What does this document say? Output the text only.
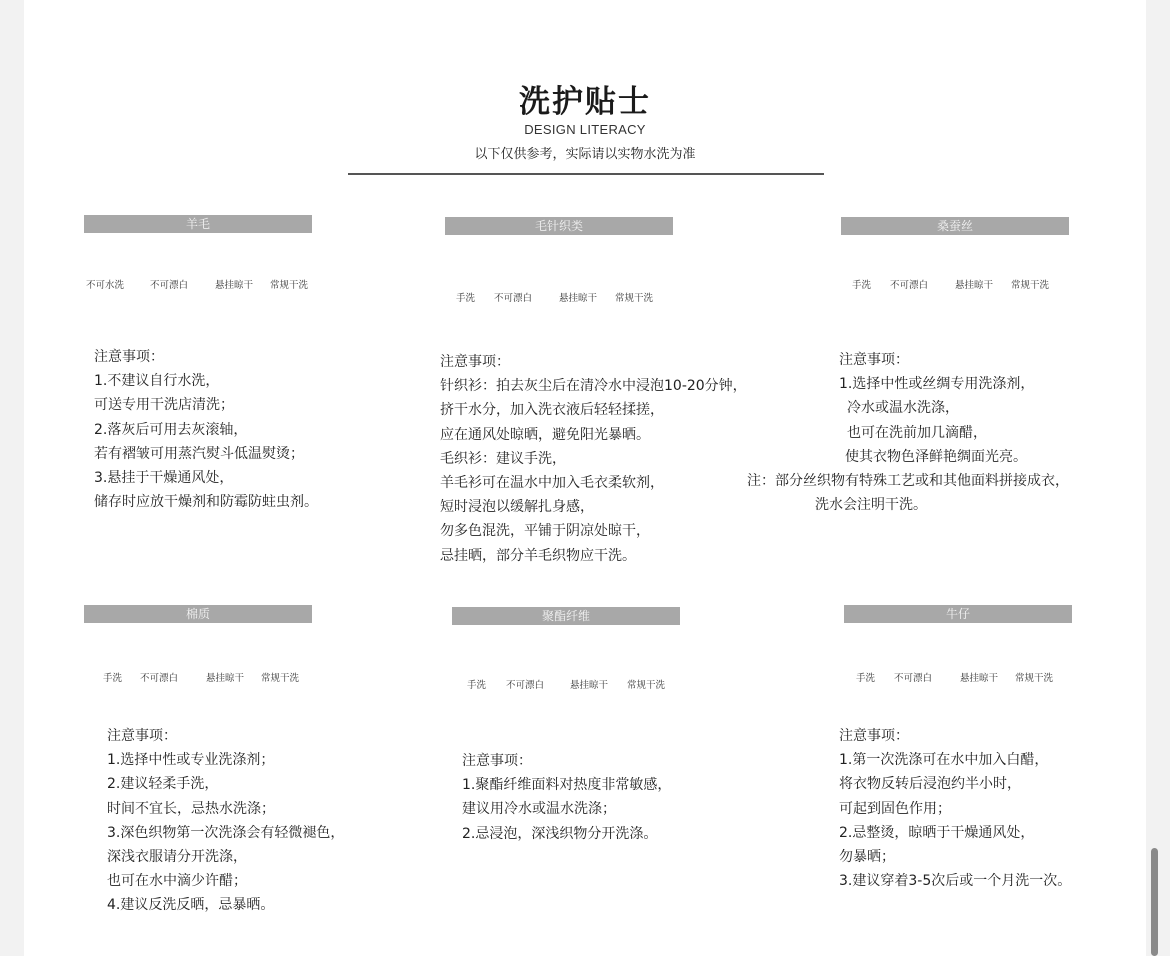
洗护贴士
DESIGN LITERACY
以下仅供参考，实际请以实物水洗为准
羊毛
不可水洗	不可漂白	悬挂晾干 常规干洗
注意事项：
1.不建议自行水洗，
可送专用干洗店清洗；
2.落灰后可用去灰滚轴，
若有褶皱可用蒸汽熨斗低温熨烫；
3.悬挂于干燥通风处，
储存时应放干燥剂和防霉防蛀虫剂。
毛针织类
手洗 不可漂白	悬挂晾干 常规干洗
注意事项：
针织衫：拍去灰尘后在清冷水中浸泡10-20分钟，
挤干水分，加入洗衣液后轻轻揉搓，
应在通风处晾晒，避免阳光暴晒。
毛织衫：建议手洗，
羊毛衫可在温水中加入毛衣柔软剂，
短时浸泡以缓解扎身感，
勿多色混洗，平铺于阴凉处晾干，
忌挂晒，部分羊毛织物应干洗。
桑蚕丝
手洗 不可漂白	悬挂晾干 常规干洗
注意事项：
1.选择中性或丝绸专用洗涤剂，
冷水或温水洗涤，
也可在洗前加几滴醋，
使其衣物色泽鲜艳绸面光亮。
注：部分丝织物有特殊工艺或和其他面料拼接成衣，
洗水会注明干洗。
棉质
手洗 不可漂白	悬挂晾干 常规干洗
注意事项：
1.选择中性或专业洗涤剂；
2.建议轻柔手洗，
时间不宜长，忌热水洗涤；
3.深色织物第一次洗涤会有轻微褪色，
深浅衣服请分开洗涤，
也可在水中滴少许醋；
4.建议反洗反晒，忌暴晒。
聚酯纤维
手洗 不可漂白	悬挂晾干 常规干洗
注意事项：
1.聚酯纤维面料对热度非常敏感，
建议用冷水或温水洗涤；
2.忌浸泡，深浅织物分开洗涤。
牛仔
手洗 不可漂白	悬挂晾干 常规干洗
注意事项：
1.第一次洗涤可在水中加入白醋，
将衣物反转后浸泡约半小时，
可起到固色作用；
2.忌整烫，晾晒于干燥通风处，
勿暴晒；
3.建议穿着3-5次后或一个月洗一次。
